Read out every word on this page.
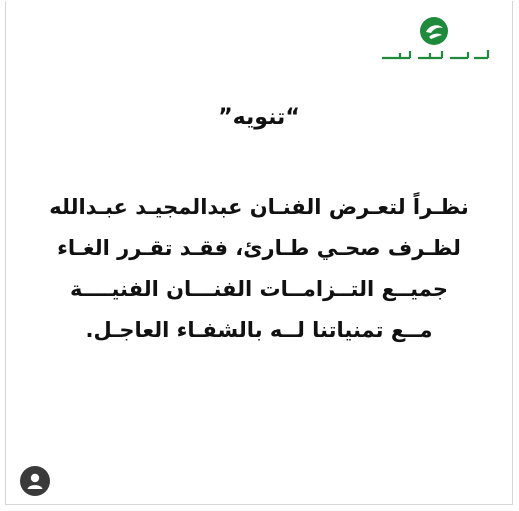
“تنويه”
نظـراً لتعـرض الفنـان عبدالمجيـد عبـدالله
لظـرف صحـي طـارئ، فقـد تقـرر الغـاء
جميــع التــزامــات الفنـــان الفنيــــة
مــع تمنياتنا لــه بالشفـاء العاجـل.
